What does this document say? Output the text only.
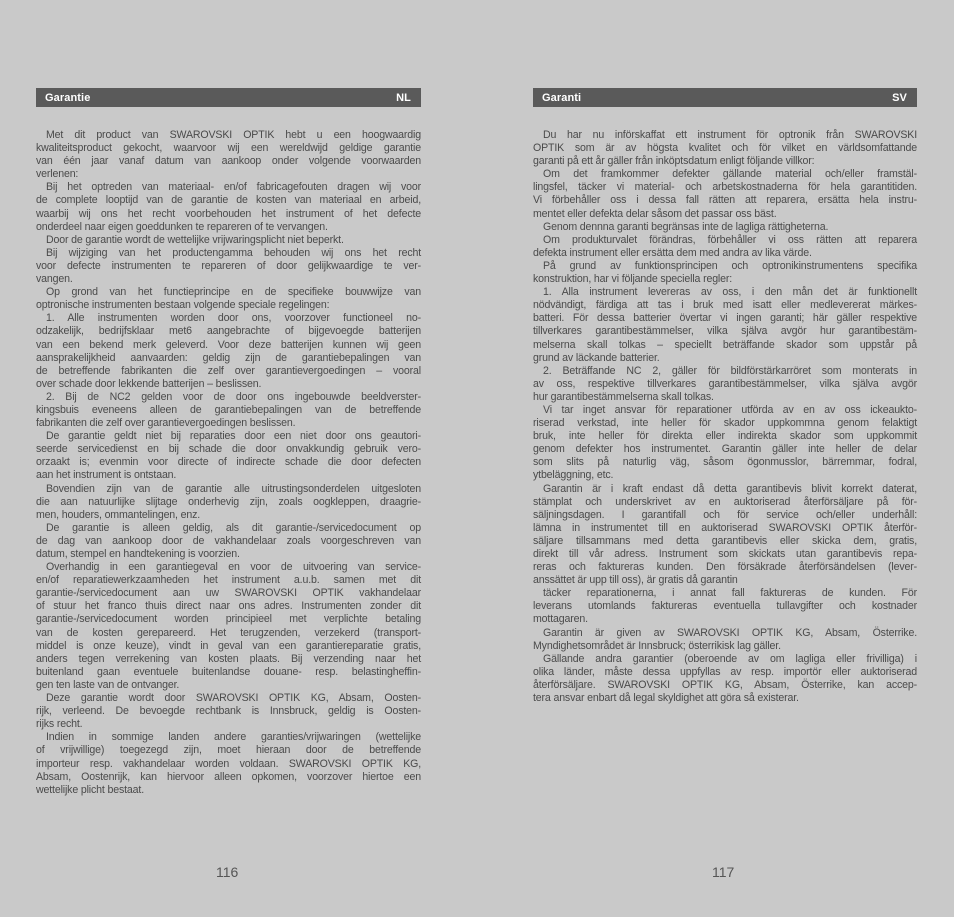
Garantie	NL
Met dit product van SWAROVSKI OPTIK hebt u een hoogwaardig
kwaliteitsproduct gekocht, waarvoor wij een wereldwijd geldige garantie
van één jaar vanaf datum van aankoop onder volgende voorwaarden
verlenen:
Bij het optreden van materiaal- en/of fabricagefouten dragen wij voor
de complete looptijd van de garantie de kosten van materiaal en arbeid,
waarbij wij ons het recht voorbehouden het instrument of het defecte
onderdeel naar eigen goeddunken te repareren of te vervangen.
Door de garantie wordt de wettelijke vrijwaringsplicht niet beperkt.
Bij wijziging van het productengamma behouden wij ons het recht
voor defecte instrumenten te repareren of door gelijkwaardige te ver-
vangen.
Op grond van het functieprincipe en de specifieke bouwwijze van
optronische instrumenten bestaan volgende speciale regelingen:
1. Alle instrumenten worden door ons, voorzover functioneel no-
odzakelijk, bedrijfsklaar met6 aangebrachte of bijgevoegde batterijen
van een bekend merk geleverd. Voor deze batterijen kunnen wij geen
aansprakelijkheid aanvaarden: geldig zijn de garantiebepalingen van
de betreffende fabrikanten die zelf over garantievergoedingen – vooral
over schade door lekkende batterijen – beslissen.
2. Bij de NC2 gelden voor de door ons ingebouwde beeldverster-
kingsbuis eveneens alleen de garantiebepalingen van de betreffende
fabrikanten die zelf over garantievergoedingen beslissen.
De garantie geldt niet bij reparaties door een niet door ons geautori-
seerde servicedienst en bij schade die door onvakkundig gebruik vero-
orzaakt is; evenmin voor directe of indirecte schade die door defecten
aan het instrument is ontstaan.
Bovendien zijn van de garantie alle uitrustingsonderdelen uitgesloten
die aan natuurlijke slijtage onderhevig zijn, zoals oogkleppen, draagrie-
men, houders, ommantelingen, enz.
De garantie is alleen geldig, als dit garantie-/servicedocument op
de dag van aankoop door de vakhandelaar zoals voorgeschreven van
datum, stempel en handtekening is voorzien.
Overhandig in een garantiegeval en voor de uitvoering van service-
en/of reparatiewerkzaamheden het instrument a.u.b. samen met dit
garantie-/servicedocument aan uw SWAROVSKI OPTIK vakhandelaar
of stuur het franco thuis direct naar ons adres. Instrumenten zonder dit
garantie-/servicedocument worden principieel met verplichte betaling
van de kosten gerepareerd. Het terugzenden, verzekerd (transport-
middel is onze keuze), vindt in geval van een garantiereparatie gratis,
anders tegen verrekening van kosten plaats. Bij verzending naar het
buitenland gaan eventuele buitenlandse douane- resp. belastingheffin-
gen ten laste van de ontvanger.
Deze garantie wordt door SWAROVSKI OPTIK KG, Absam, Oosten-
rijk, verleend. De bevoegde rechtbank is Innsbruck, geldig is Oosten-
rijks recht.
Indien in sommige landen andere garanties/vrijwaringen (wettelijke
of vrijwillige) toegezegd zijn, moet hieraan door de betreffende
importeur resp. vakhandelaar worden voldaan. SWAROVSKI OPTIK KG,
Absam, Oostenrijk, kan hiervoor alleen opkomen, voorzover hiertoe een
wettelijke plicht bestaat.
Garanti	SV
Du har nu införskaffat ett instrument för optronik från SWAROVSKI
OPTIK som är av högsta kvalitet och för vilket en världsomfattande
garanti på ett år gäller från inköptsdatum enligt följande villkor:
Om det framkommer defekter gällande material och/eller framstäl-
lingsfel, täcker vi material- och arbetskostnaderna för hela garantitiden.
Vi förbehåller oss i dessa fall rätten att reparera, ersätta hela instru-
mentet eller defekta delar såsom det passar oss bäst.
Genom dennna garanti begränsas inte de lagliga rättigheterna.
Om produkturvalet förändras, förbehåller vi oss rätten att reparera
defekta instrument eller ersätta dem med andra av lika värde.
På grund av funktionsprincipen och optronikinstrumentens specifika
konstruktion, har vi följande speciella regler:
1. Alla instrument levereras av oss, i den mån det är funktionellt
nödvändigt, färdiga att tas i bruk med isatt eller medlevererat märkes-
batteri. För dessa batterier övertar vi ingen garanti; här gäller respektive
tillverkares garantibestämmelser, vilka själva avgör hur garantibestäm-
melserna skall tolkas – speciellt beträffande skador som uppstår på
grund av läckande batterier.
2. Beträffande NC 2, gäller för bildförstärkarröret som monterats in
av oss, respektive tillverkares garantibestämmelser, vilka själva avgör
hur garantibestämmelserna skall tolkas.
Vi tar inget ansvar för reparationer utförda av en av oss ickeaukto-
riserad verkstad, inte heller för skador uppkommna genom felaktigt
bruk, inte heller för direkta eller indirekta skador som uppkommit
genom defekter hos instrumentet. Garantin gäller inte heller de delar
som slits på naturlig väg, såsom ögonmusslor, bärremmar, fodral,
ytbeläggning, etc.
Garantin är i kraft endast då detta garantibevis blivit korrekt daterat,
stämplat och underskrivet av en auktoriserad återförsäljare på för-
säljningsdagen. I garantifall och för service och/eller underhåll:
lämna in instrumentet till en auktoriserad SWAROVSKI OPTIK återför-
säljare tillsammans med detta garantibevis eller skicka dem, gratis,
direkt till vår adress. Instrument som skickats utan garantibevis repa-
reras och faktureras kunden. Den försäkrade återförsändelsen (lever-
anssättet är upp till oss), är gratis då garantin
täcker reparationerna, i annat fall faktureras de kunden. För
leverans utomlands faktureras eventuella tullavgifter och kostnader
mottagaren.
Garantin är given av SWAROVSKI OPTIK KG, Absam, Österrike.
Myndighetsområdet är Innsbruck; österrikisk lag gäller.
Gällande andra garantier (oberoende av om lagliga eller frivilliga) i
olika länder, måste dessa uppfyllas av resp. importör eller auktoriserad
återförsäljare. SWAROVSKI OPTIK KG, Absam, Österrike, kan accep-
tera ansvar enbart då legal skyldighet att göra så existerar.
116	117
